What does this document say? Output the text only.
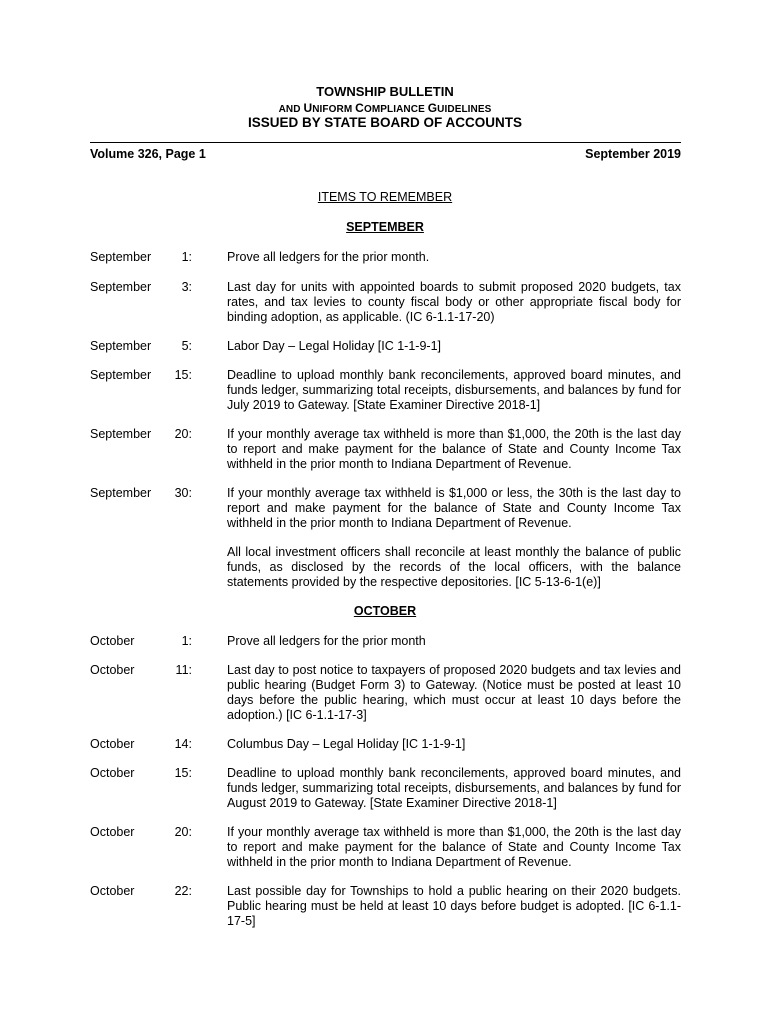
TOWNSHIP BULLETIN
AND UNIFORM COMPLIANCE GUIDELINES
ISSUED BY STATE BOARD OF ACCOUNTS
Volume 326, Page 1	September 2019
ITEMS TO REMEMBER
SEPTEMBER
September	1:	Prove all ledgers for the prior month.
September	3:	Last day for units with appointed boards to submit proposed 2020 budgets, tax rates, and tax levies to county fiscal body or other appropriate fiscal body for binding adoption, as applicable. (IC 6-1.1-17-20)
September	5:	Labor Day – Legal Holiday [IC 1-1-9-1]
September	15:	Deadline to upload monthly bank reconcilements, approved board minutes, and funds ledger, summarizing total receipts, disbursements, and balances by fund for July 2019 to Gateway. [State Examiner Directive 2018-1]
September	20:	If your monthly average tax withheld is more than $1,000, the 20th is the last day to report and make payment for the balance of State and County Income Tax withheld in the prior month to Indiana Department of Revenue.
September	30:	If your monthly average tax withheld is $1,000 or less, the 30th is the last day to report and make payment for the balance of State and County Income Tax withheld in the prior month to Indiana Department of Revenue.
All local investment officers shall reconcile at least monthly the balance of public funds, as disclosed by the records of the local officers, with the balance statements provided by the respective depositories. [IC 5-13-6-1(e)]
OCTOBER
October	1:	Prove all ledgers for the prior month
October	11:	Last day to post notice to taxpayers of proposed 2020 budgets and tax levies and public hearing (Budget Form 3) to Gateway. (Notice must be posted at least 10 days before the public hearing, which must occur at least 10 days before the adoption.) [IC 6-1.1-17-3]
October	14:	Columbus Day – Legal Holiday [IC 1-1-9-1]
October	15:	Deadline to upload monthly bank reconcilements, approved board minutes, and funds ledger, summarizing total receipts, disbursements, and balances by fund for August 2019 to Gateway. [State Examiner Directive 2018-1]
October	20:	If your monthly average tax withheld is more than $1,000, the 20th is the last day to report and make payment for the balance of State and County Income Tax withheld in the prior month to Indiana Department of Revenue.
October	22:	Last possible day for Townships to hold a public hearing on their 2020 budgets. Public hearing must be held at least 10 days before budget is adopted. [IC 6-1.1-17-5]
